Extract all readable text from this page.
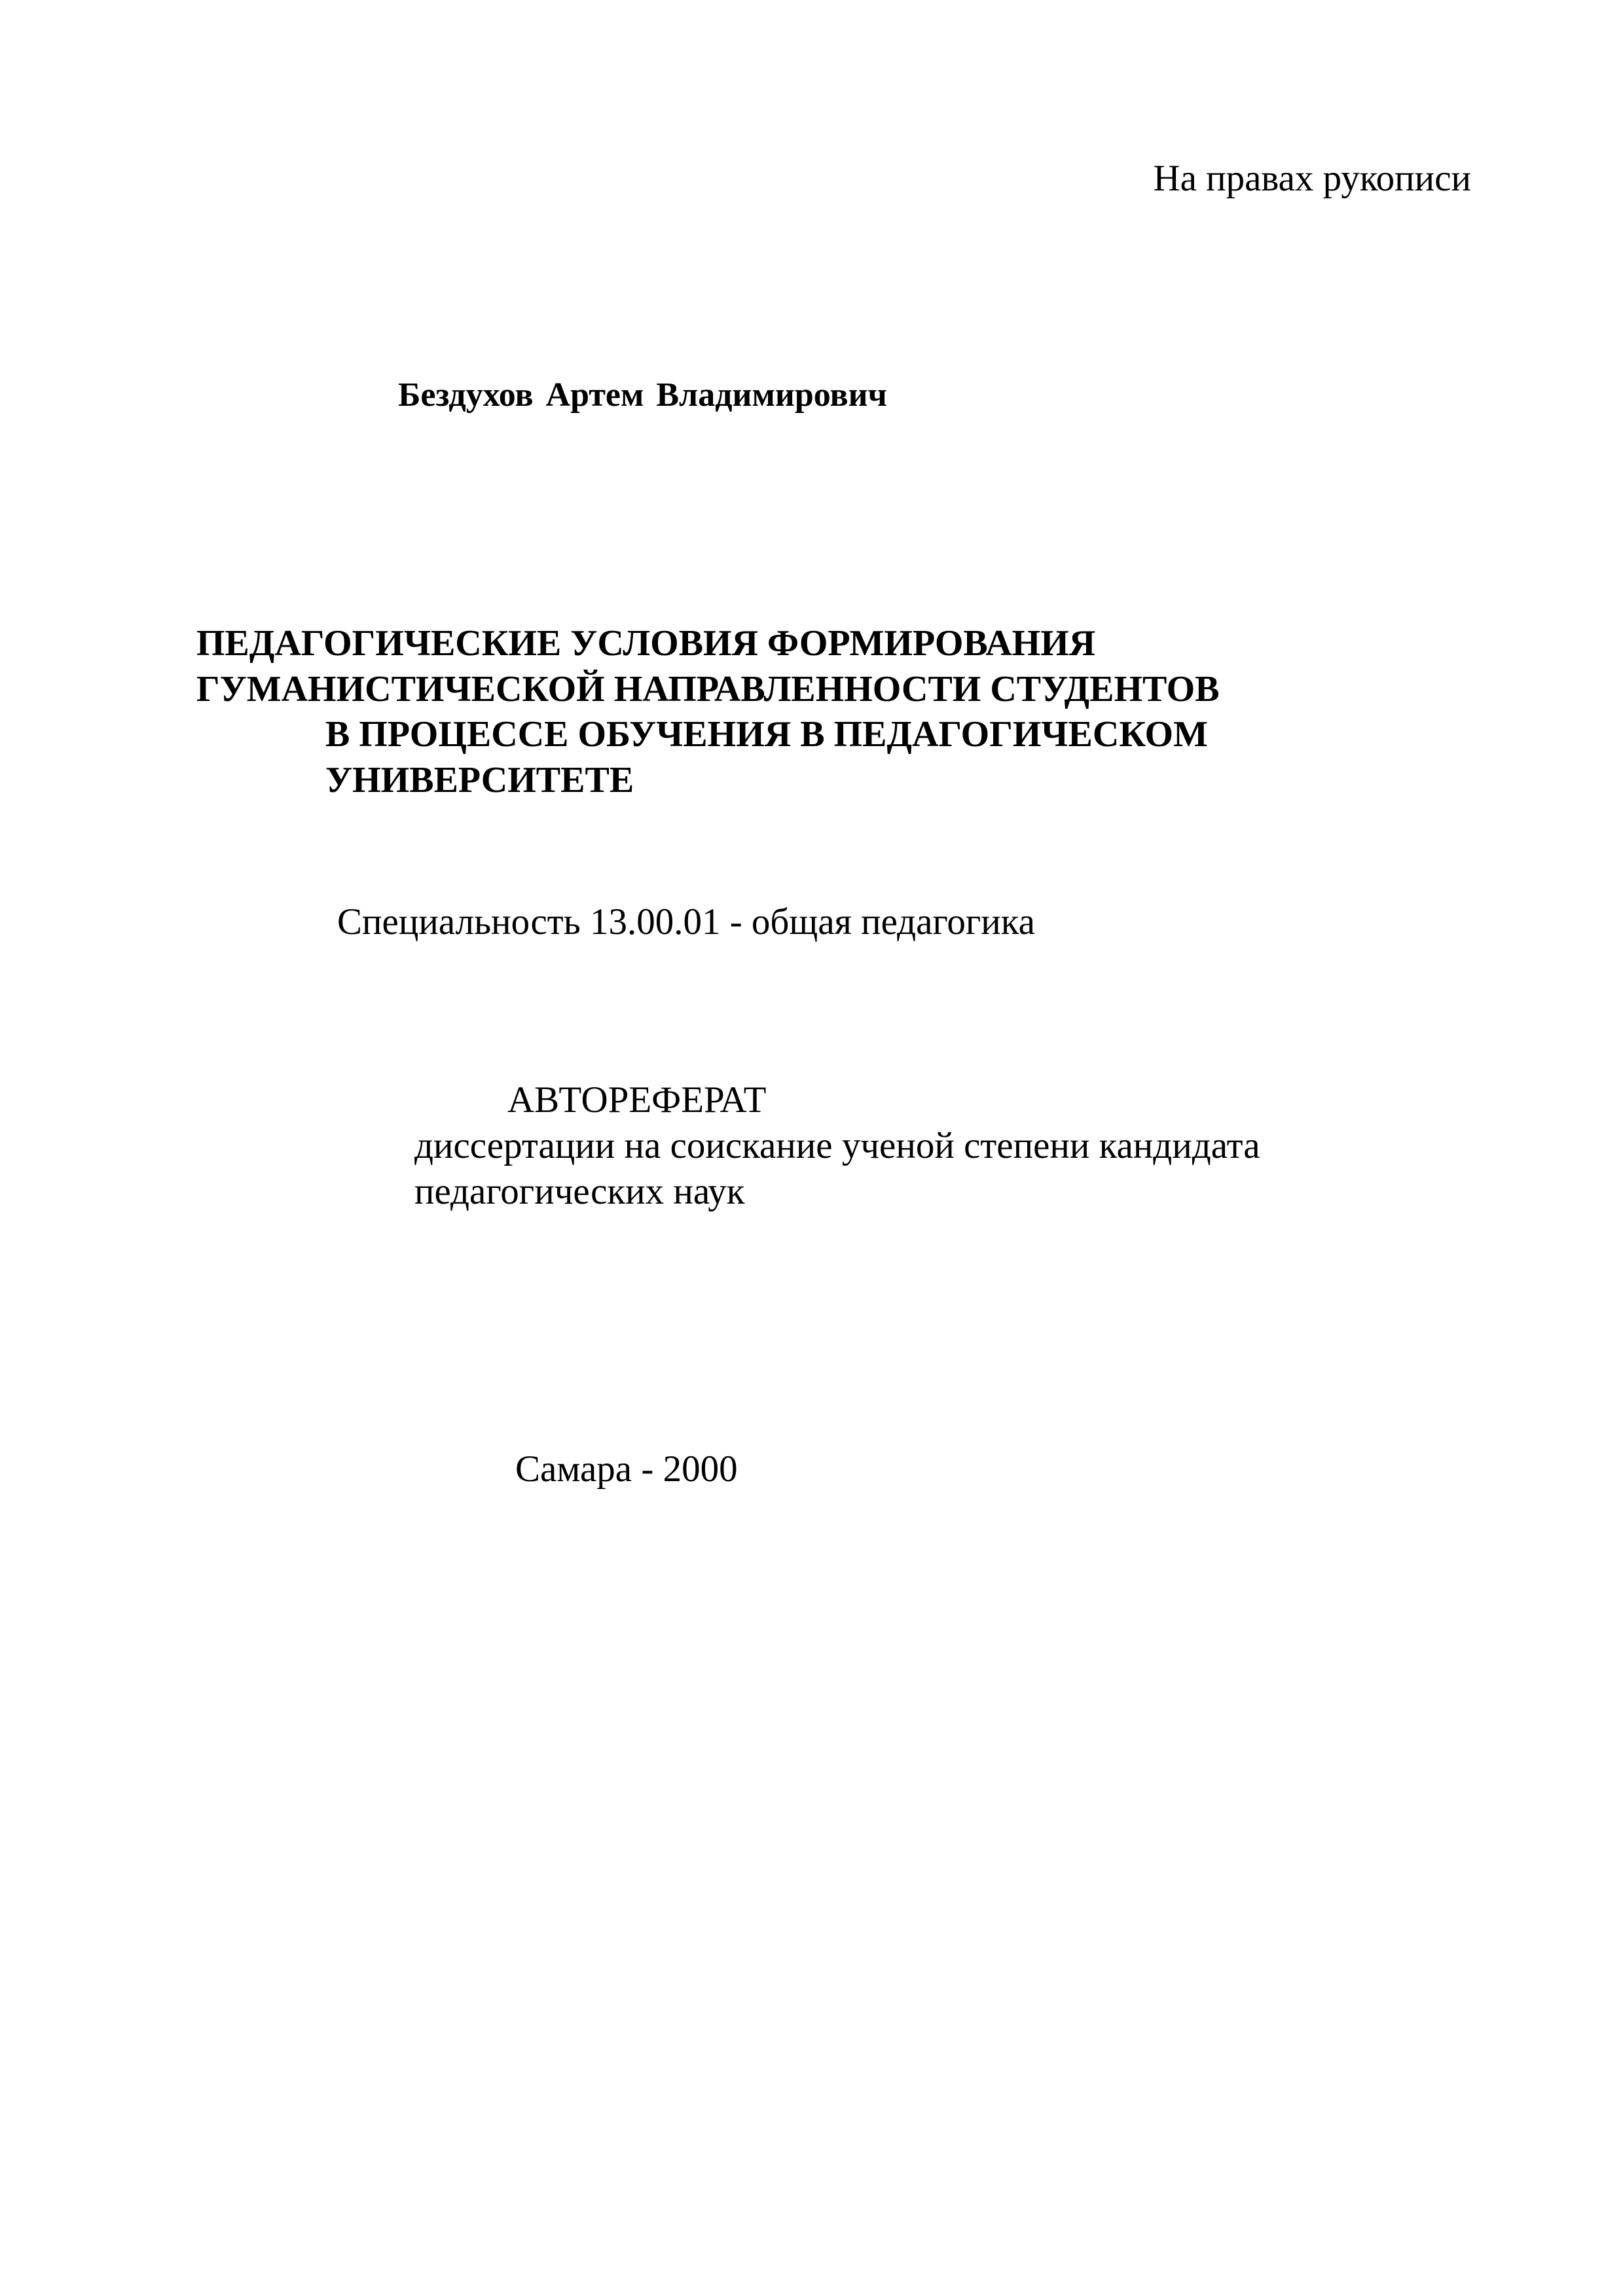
На правах рукописи
Бездухов Артем Владимирович
ПЕДАГОГИЧЕСКИЕ УСЛОВИЯ ФОРМИРОВАНИЯ
ГУМАНИСТИЧЕСКОЙ НАПРАВЛЕННОСТИ СТУДЕНТОВ
В ПРОЦЕССЕ ОБУЧЕНИЯ В ПЕДАГОГИЧЕСКОМ
УНИВЕРСИТЕТЕ
Специальность 13.00.01 - общая педагогика
АВТОРЕФЕРАТ
диссертации на соискание ученой степени кандидата
педагогических наук
Самара - 2000
